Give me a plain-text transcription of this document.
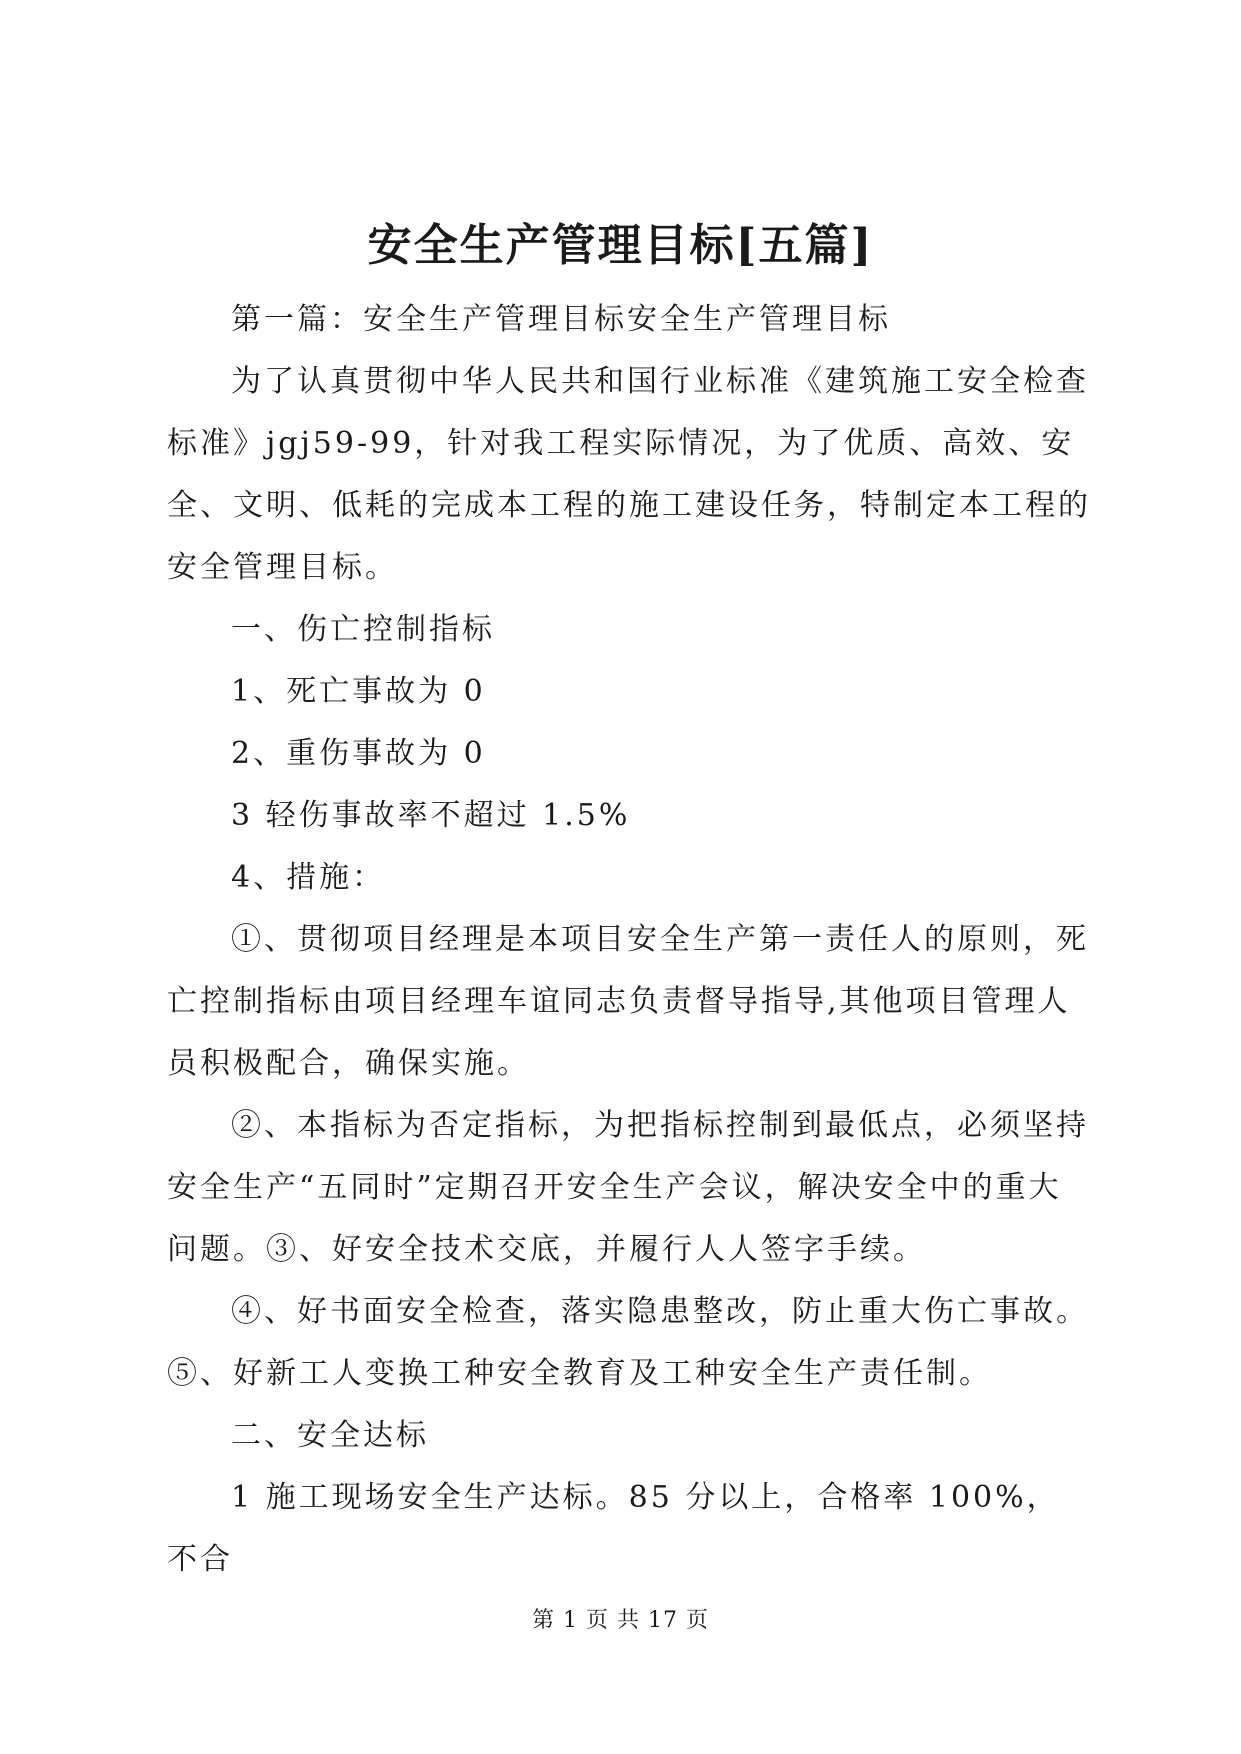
安全生产管理目标[五篇]

第一篇：安全生产管理目标安全生产管理目标

为了认真贯彻中华人民共和国行业标准《建筑施工安全检查标准》jgj59-99，针对我工程实际情况，为了优质、高效、安全、文明、低耗的完成本工程的施工建设任务，特制定本工程的安全管理目标。

一、伤亡控制指标

1、死亡事故为 0

2、重伤事故为 0

3 轻伤事故率不超过 1.5%

4、措施：

①、贯彻项目经理是本项目安全生产第一责任人的原则，死亡控制指标由项目经理车谊同志负责督导指导,其他项目管理人员积极配合，确保实施。

②、本指标为否定指标，为把指标控制到最低点，必须坚持安全生产“五同时”定期召开安全生产会议，解决安全中的重大问题。③、好安全技术交底，并履行人人签字手续。

④、好书面安全检查，落实隐患整改，防止重大伤亡事故。⑤、好新工人变换工种安全教育及工种安全生产责任制。

二、安全达标

1 施工现场安全生产达标。85 分以上，合格率 100%，不合

第 1 页 共 17 页
